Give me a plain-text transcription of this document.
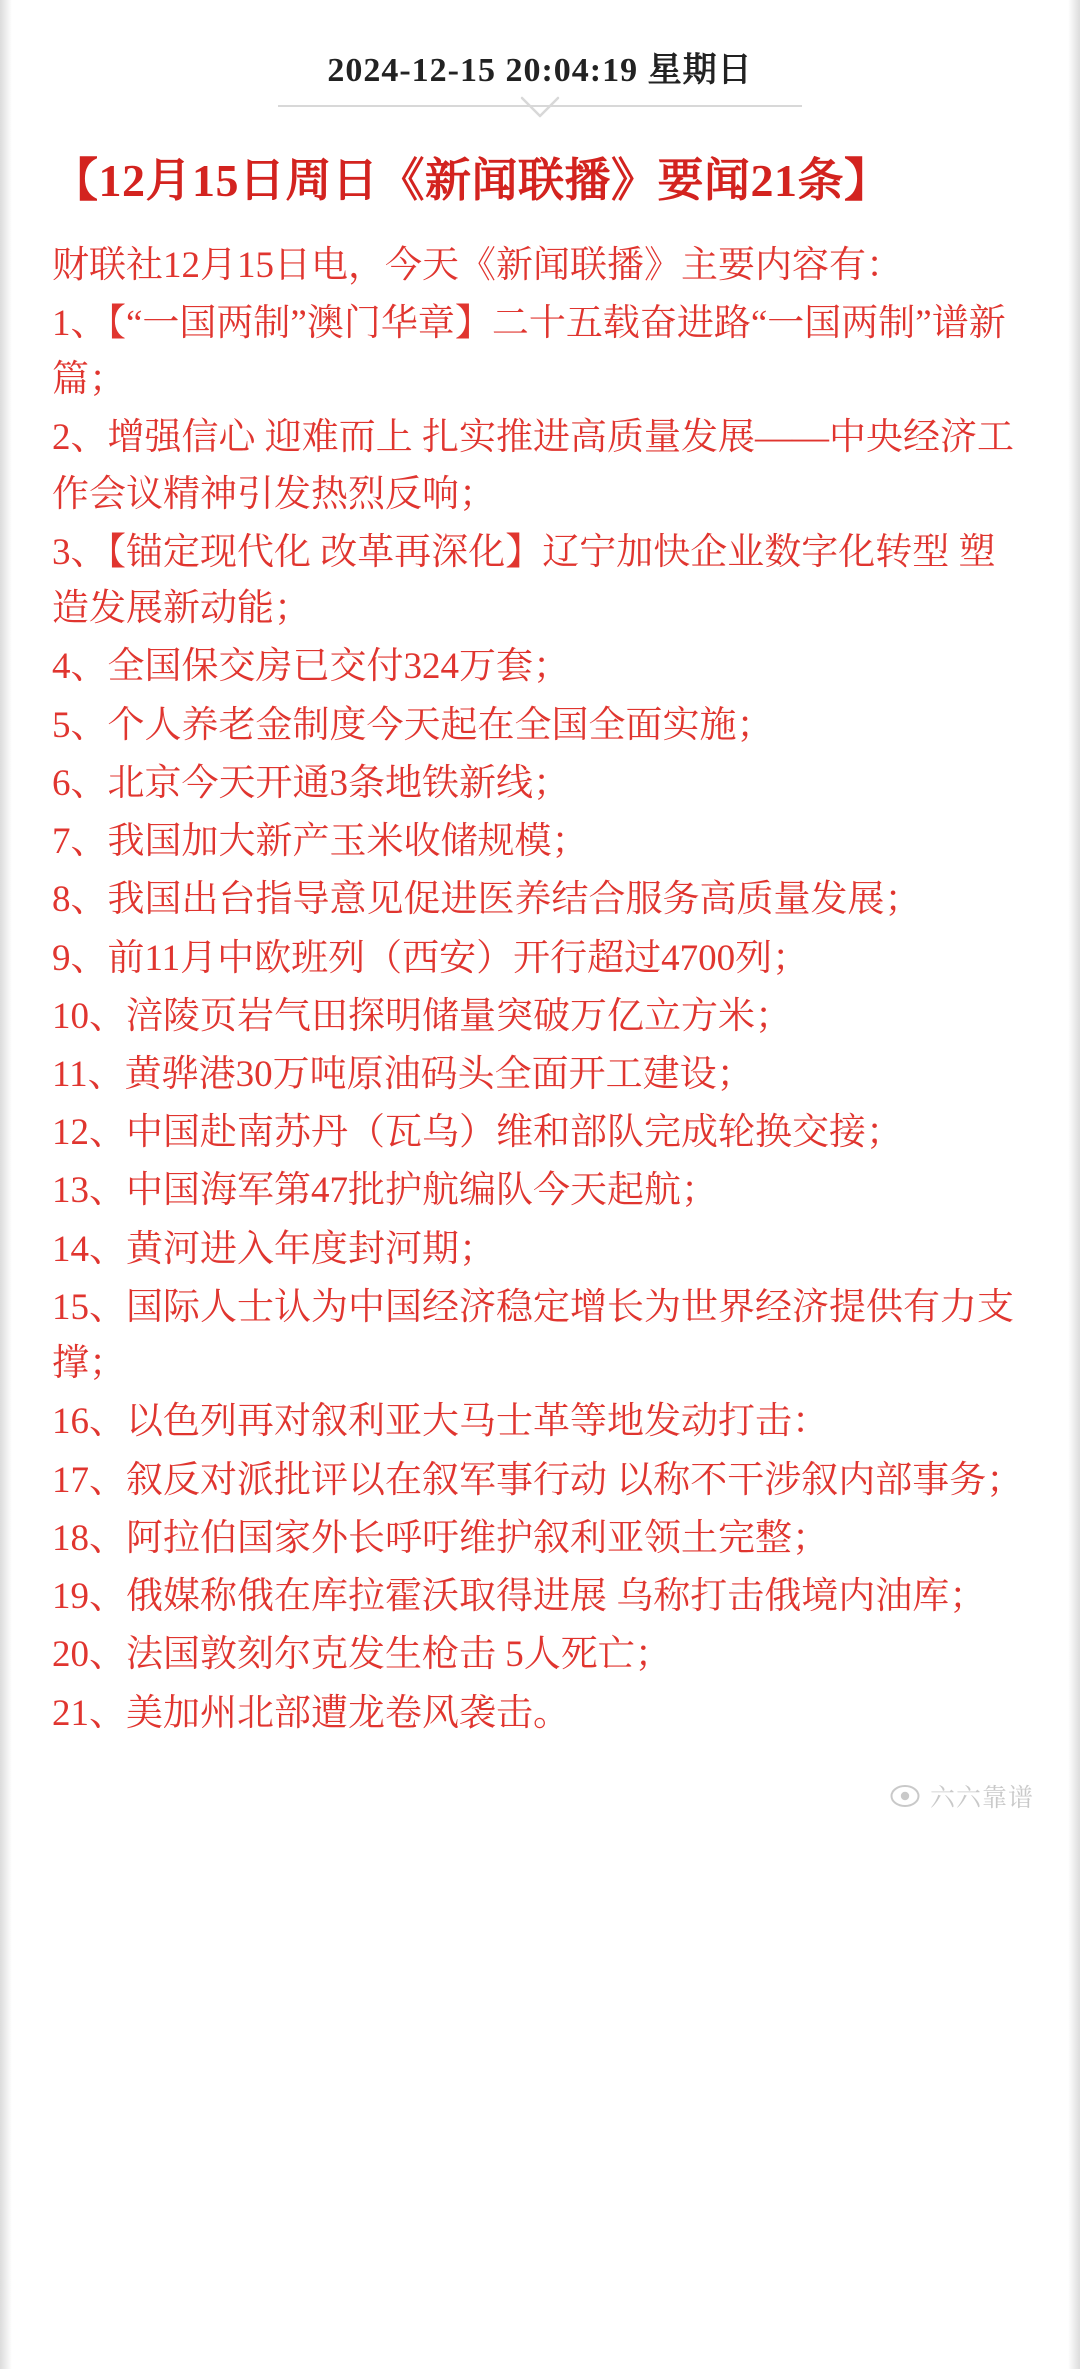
2024-12-15 20:04:19 星期日
【12月15日周日《新闻联播》要闻21条】

财联社12月15日电，今天《新闻联播》主要内容有：

1、【“一国两制”澳门华章】二十五载奋进路“一国两制”谱新篇；
2、增强信心 迎难而上 扎实推进高质量发展——中央经济工作会议精神引发热烈反响；
3、【锚定现代化 改革再深化】辽宁加快企业数字化转型 塑造发展新动能；
4、全国保交房已交付324万套；
5、个人养老金制度今天起在全国全面实施；
6、北京今天开通3条地铁新线；
7、我国加大新产玉米收储规模；
8、我国出台指导意见促进医养结合服务高质量发展；
9、前11月中欧班列（西安）开行超过4700列；
10、涪陵页岩气田探明储量突破万亿立方米；
11、黄骅港30万吨原油码头全面开工建设；
12、中国赴南苏丹（瓦乌）维和部队完成轮换交接；
13、中国海军第47批护航编队今天起航；
14、黄河进入年度封河期；
15、国际人士认为中国经济稳定增长为世界经济提供有力支撑；
16、以色列再对叙利亚大马士革等地发动打击：
17、叙反对派批评以在叙军事行动 以称不干涉叙内部事务；
18、阿拉伯国家外长呼吁维护叙利亚领土完整；
19、俄媒称俄在库拉霍沃取得进展 乌称打击俄境内油库；
20、法国敦刻尔克发生枪击 5人死亡；
21、美加州北部遭龙卷风袭击。
六六靠谱
